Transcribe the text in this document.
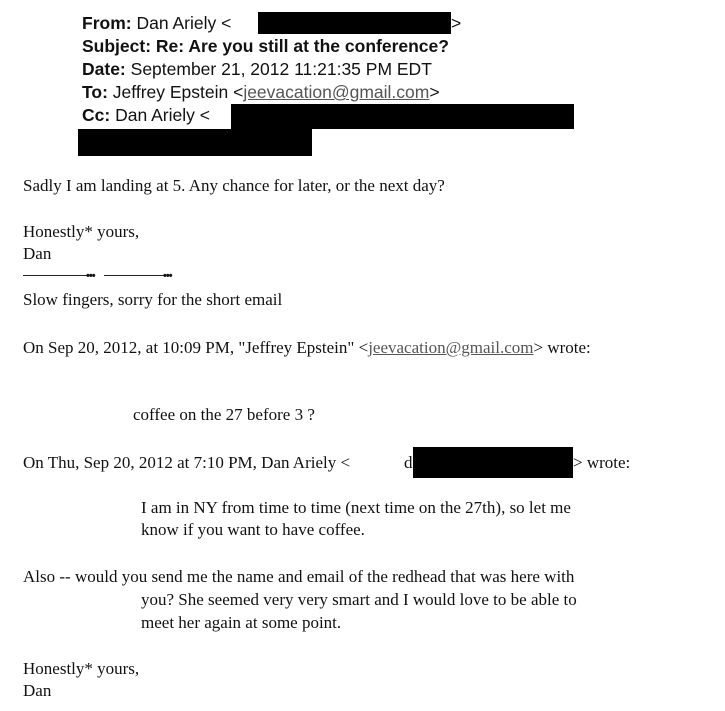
From: Dan Ariely <	>
Subject: Re: Are you still at the conference?
Date: September 21, 2012 11:21:35 PM EDT
To: Jeffrey Epstein <jeevacation@gmail.com>
Cc: Dan Ariely <
Sadly I am landing at 5. Any chance for later, or the next day?
Honestly* yours,
Dan
•••	•••
Slow fingers, sorry for the short email
On Sep 20, 2012, at 10:09 PM, "Jeffrey Epstein" <jeevacation@gmail.com> wrote:
coffee on the 27 before 3 ?
On Thu, Sep 20, 2012 at 7:10 PM, Dan Ariely <	d	> wrote:
I am in NY from time to time (next time on the 27th), so let me
know if you want to have coffee.
Also -- would you send me the name and email of the redhead that was here with
you? She seemed very very smart and I would love to be able to
meet her again at some point.
Honestly* yours,
Dan
